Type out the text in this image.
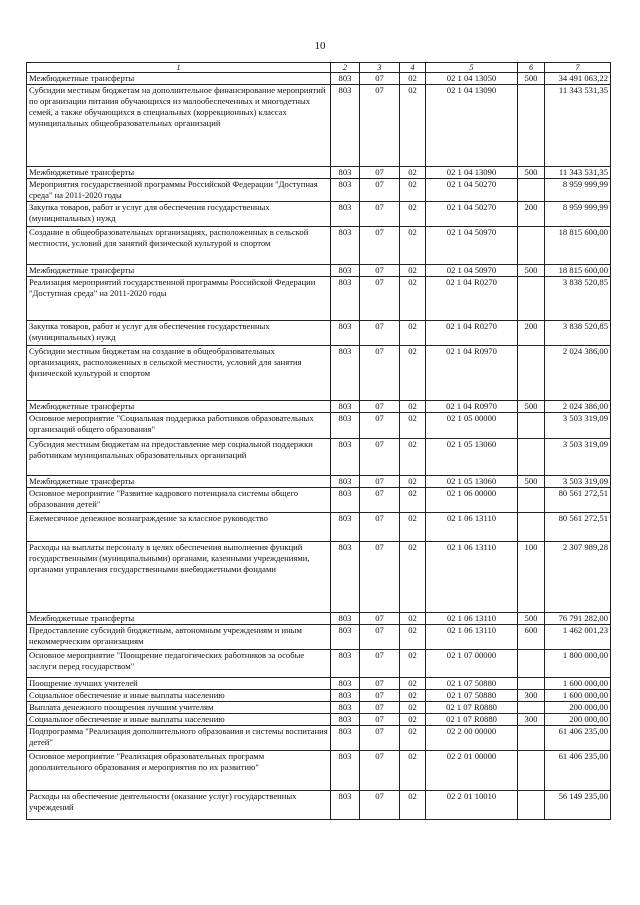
10
1	2	3	4	5	6	7
Межбюджетные трансферты	803	07	02	02 1 04 13050	500	34 491 063,22
Субсидии местным бюджетам на дополнительное финансирование мероприятий по организации питания обучающихся из малообеспеченных и многодетных семей, а также обучающихся в специальных (коррекционных) классах муниципальных общеобразовательных организаций	803	07	02	02 1 04 13090		11 343 531,35
Межбюджетные трансферты	803	07	02	02 1 04 13090	500	11 343 531,35
Мероприятия государственной программы Российской Федерации "Доступная среда" на 2011-2020 годы	803	07	02	02 1 04 50270		8 959 999,99
Закупка товаров, работ и услуг для обеспечения государственных (муниципальных) нужд	803	07	02	02 1 04 50270	200	8 959 999,99
Создание в общеобразовательных организациях, расположенных в сельской местности, условий для занятий физической культурой и спортом	803	07	02	02 1 04 50970		18 815 600,00
Межбюджетные трансферты	803	07	02	02 1 04 50970	500	18 815 600,00
Реализация мероприятий государственной программы Российской Федерации "Доступная среда" на 2011-2020 годы	803	07	02	02 1 04 R0270		3 838 520,85
Закупка товаров, работ и услуг для обеспечения государственных (муниципальных) нужд	803	07	02	02 1 04 R0270	200	3 838 520,85
Субсидии местным бюджетам на создание в общеобразовательных организациях, расположенных в сельской местности, условий для занятия физической культурой и спортом	803	07	02	02 1 04 R0970		2 024 386,00
Межбюджетные трансферты	803	07	02	02 1 04 R0970	500	2 024 386,00
Основное мероприятие "Социальная поддержка работников образовательных организаций общего образования"	803	07	02	02 1 05 00000		3 503 319,09
Субсидия местным бюджетам на предоставление мер социальной поддержки работникам муниципальных образовательных организаций	803	07	02	02 1 05 13060		3 503 319,09
Межбюджетные трансферты	803	07	02	02 1 05 13060	500	3 503 319,09
Основное мероприятие "Развитие кадрового потенциала системы общего образования детей"	803	07	02	02 1 06 00000		80 561 272,51
Ежемесячное денежное вознаграждение за классное руководство	803	07	02	02 1 06 13110		80 561 272,51
Расходы на выплаты персоналу в целях обеспечения выполнения функций государственными (муниципальными) органами, казенными учреждениями, органами управления государственными внебюджетными фондами	803	07	02	02 1 06 13110	100	2 307 989,28
Межбюджетные трансферты	803	07	02	02 1 06 13110	500	76 791 282,00
Предоставление субсидий бюджетным, автономным учреждениям и иным некоммерческим организациям	803	07	02	02 1 06 13110	600	1 462 001,23
Основное мероприятие "Поощрение педагогических работников за особые заслуги перед государством"	803	07	02	02 1 07 00000		1 800 000,00
Поощрение лучших учителей	803	07	02	02 1 07 50880		1 600 000,00
Социальное обеспечение и иные выплаты населению	803	07	02	02 1 07 50880	300	1 600 000,00
Выплата денежного поощрения лучшим учителям	803	07	02	02 1 07 R0880		200 000,00
Социальное обеспечение и иные выплаты населению	803	07	02	02 1 07 R0880	300	200 000,00
Подпрограмма "Реализация дополнительного образования и системы воспитания детей"	803	07	02	02 2 00 00000		61 406 235,00
Основное мероприятие "Реализация образовательных программ дополнительного образования и мероприятия по их развитию"	803	07	02	02 2 01 00000		61 406 235,00
Расходы на обеспечение деятельности (оказание услуг) государственных учреждений	803	07	02	02 2 01 10010		56 149 235,00
